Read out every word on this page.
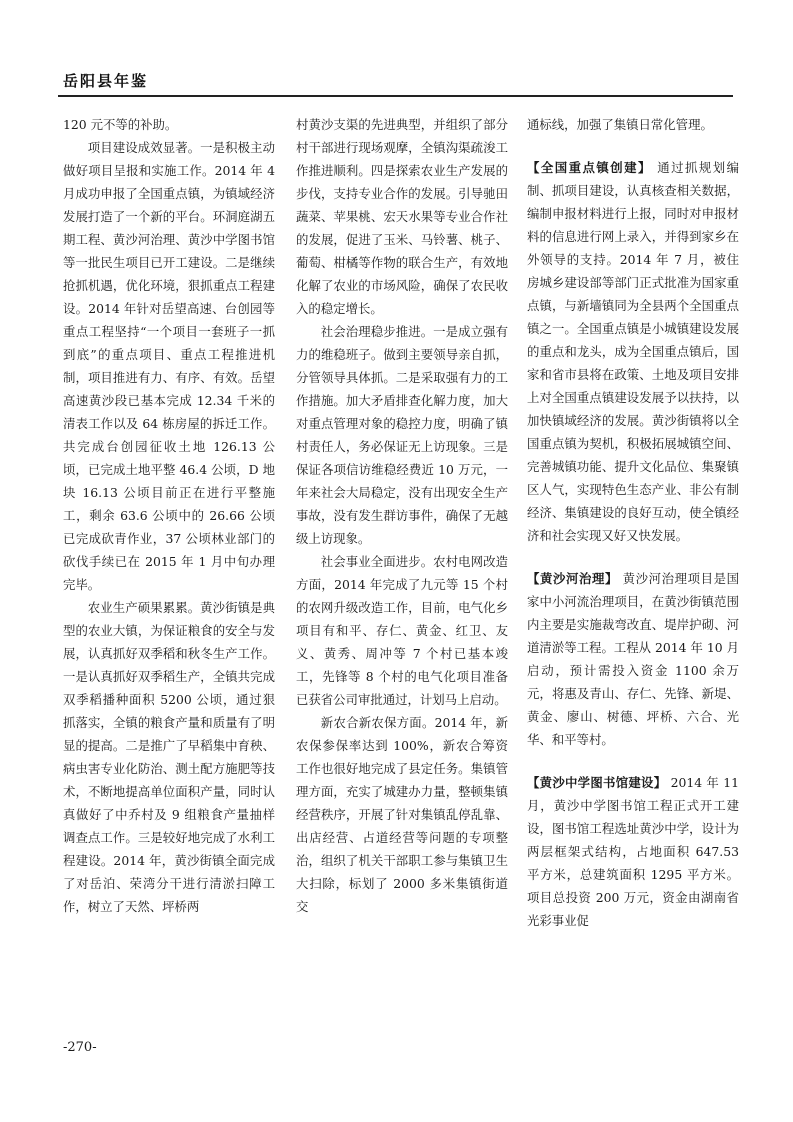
岳阳县年鉴

120 元不等的补助。

项目建设成效显著。一是积极主动做好项目呈报和实施工作。2014 年 4 月成功申报了全国重点镇，为镇域经济发展打造了一个新的平台。环洞庭湖五期工程、黄沙河治理、黄沙中学图书馆等一批民生项目已开工建设。二是继续抢抓机遇，优化环境，狠抓重点工程建设。2014 年针对岳望高速、台创园等重点工程坚持“一个项目一套班子一抓到底”的重点项目、重点工程推进机制，项目推进有力、有序、有效。岳望高速黄沙段已基本完成 12.34 千米的清表工作以及 64 栋房屋的拆迁工作。共完成台创园征收土地 126.13 公顷，已完成土地平整 46.4 公顷，D 地块 16.13 公顷目前正在进行平整施工，剩余 63.6 公顷中的 26.66 公顷已完成砍青作业，37 公顷林业部门的砍伐手续已在 2015 年 1 月中旬办理完毕。

农业生产硕果累累。黄沙街镇是典型的农业大镇，为保证粮食的安全与发展，认真抓好双季稻和秋冬生产工作。一是认真抓好双季稻生产，全镇共完成双季稻播种面积 5200 公顷，通过狠抓落实，全镇的粮食产量和质量有了明显的提高。二是推广了早稻集中育秧、病虫害专业化防治、测土配方施肥等技术，不断地提高单位面积产量，同时认真做好了中乔村及 9 组粮食产量抽样调查点工作。三是较好地完成了水利工程建设。2014 年，黄沙街镇全面完成了对岳泊、荣湾分干进行清淤扫障工作，树立了天然、坪桥两

村黄沙支渠的先进典型，并组织了部分村干部进行现场观摩，全镇沟渠疏浚工作推进顺利。四是探索农业生产发展的步伐，支持专业合作的发展。引导驰田蔬菜、苹果桃、宏天水果等专业合作社的发展，促进了玉米、马铃薯、桃子、葡萄、柑橘等作物的联合生产，有效地化解了农业的市场风险，确保了农民收入的稳定增长。

社会治理稳步推进。一是成立强有力的维稳班子。做到主要领导亲自抓，分管领导具体抓。二是采取强有力的工作措施。加大矛盾排查化解力度，加大对重点管理对象的稳控力度，明确了镇村责任人，务必保证无上访现象。三是保证各项信访维稳经费近 10 万元，一年来社会大局稳定，没有出现安全生产事故，没有发生群访事件，确保了无越级上访现象。

社会事业全面进步。农村电网改造方面，2014 年完成了九元等 15 个村的农网升级改造工作，目前，电气化乡项目有和平、存仁、黄金、红卫、友义、黄秀、周冲等 7 个村已基本竣工，先锋等 8 个村的电气化项目准备已获省公司审批通过，计划马上启动。

新农合新农保方面。2014 年，新农保参保率达到 100%，新农合筹资工作也很好地完成了县定任务。集镇管理方面，充实了城建办力量，整顿集镇经营秩序，开展了针对集镇乱停乱靠、出店经营、占道经营等问题的专项整治，组织了机关干部职工参与集镇卫生大扫除，标划了 2000 多米集镇街道交

通标线，加强了集镇日常化管理。

【全国重点镇创建】 通过抓规划编制、抓项目建设，认真核查相关数据，编制申报材料进行上报，同时对申报材料的信息进行网上录入，并得到家乡在外领导的支持。2014 年 7 月，被住房城乡建设部等部门正式批准为国家重点镇，与新墙镇同为全县两个全国重点镇之一。全国重点镇是小城镇建设发展的重点和龙头，成为全国重点镇后，国家和省市县将在政策、土地及项目安排上对全国重点镇建设发展予以扶持，以加快镇域经济的发展。黄沙街镇将以全国重点镇为契机，积极拓展城镇空间、完善城镇功能、提升文化品位、集聚镇区人气，实现特色生态产业、非公有制经济、集镇建设的良好互动，使全镇经济和社会实现又好又快发展。

【黄沙河治理】 黄沙河治理项目是国家中小河流治理项目，在黄沙街镇范围内主要是实施裁弯改直、堤岸护砌、河道清淤等工程。工程从 2014 年 10 月启动，预计需投入资金 1100 余万元，将惠及青山、存仁、先锋、新堤、黄金、廖山、树德、坪桥、六合、光华、和平等村。

【黄沙中学图书馆建设】 2014 年 11 月，黄沙中学图书馆工程正式开工建设，图书馆工程选址黄沙中学，设计为两层框架式结构，占地面积 647.53 平方米，总建筑面积 1295 平方米。项目总投资 200 万元，资金由湖南省光彩事业促

-270-
